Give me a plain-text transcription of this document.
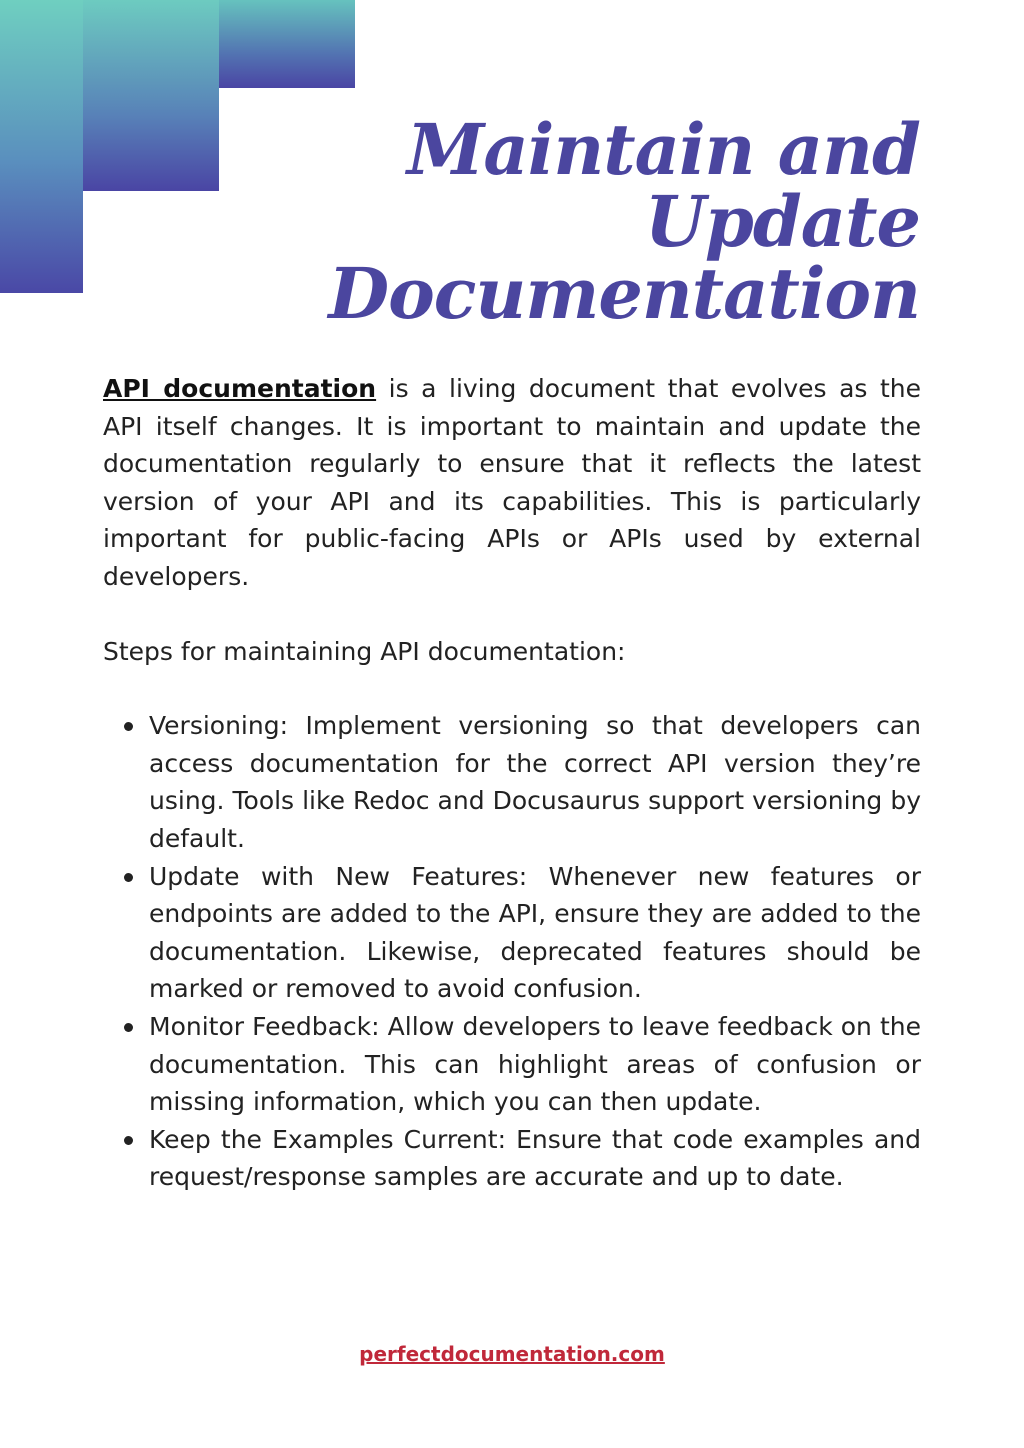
Maintain and
Update
Documentation

API documentation is a living document that evolves as the API itself changes. It is important to maintain and update the documentation regularly to ensure that it reflects the latest version of your API and its capabilities. This is particularly important for public-facing APIs or APIs used by external developers.

Steps for maintaining API documentation:

Versioning: Implement versioning so that developers can access documentation for the correct API version they’re using. Tools like Redoc and Docusaurus support versioning by default.
Update with New Features: Whenever new features or endpoints are added to the API, ensure they are added to the documentation. Likewise, deprecated features should be marked or removed to avoid confusion.
Monitor Feedback: Allow developers to leave feedback on the documentation. This can highlight areas of confusion or missing information, which you can then update.
Keep the Examples Current: Ensure that code examples and request/response samples are accurate and up to date.
perfectdocumentation.com
